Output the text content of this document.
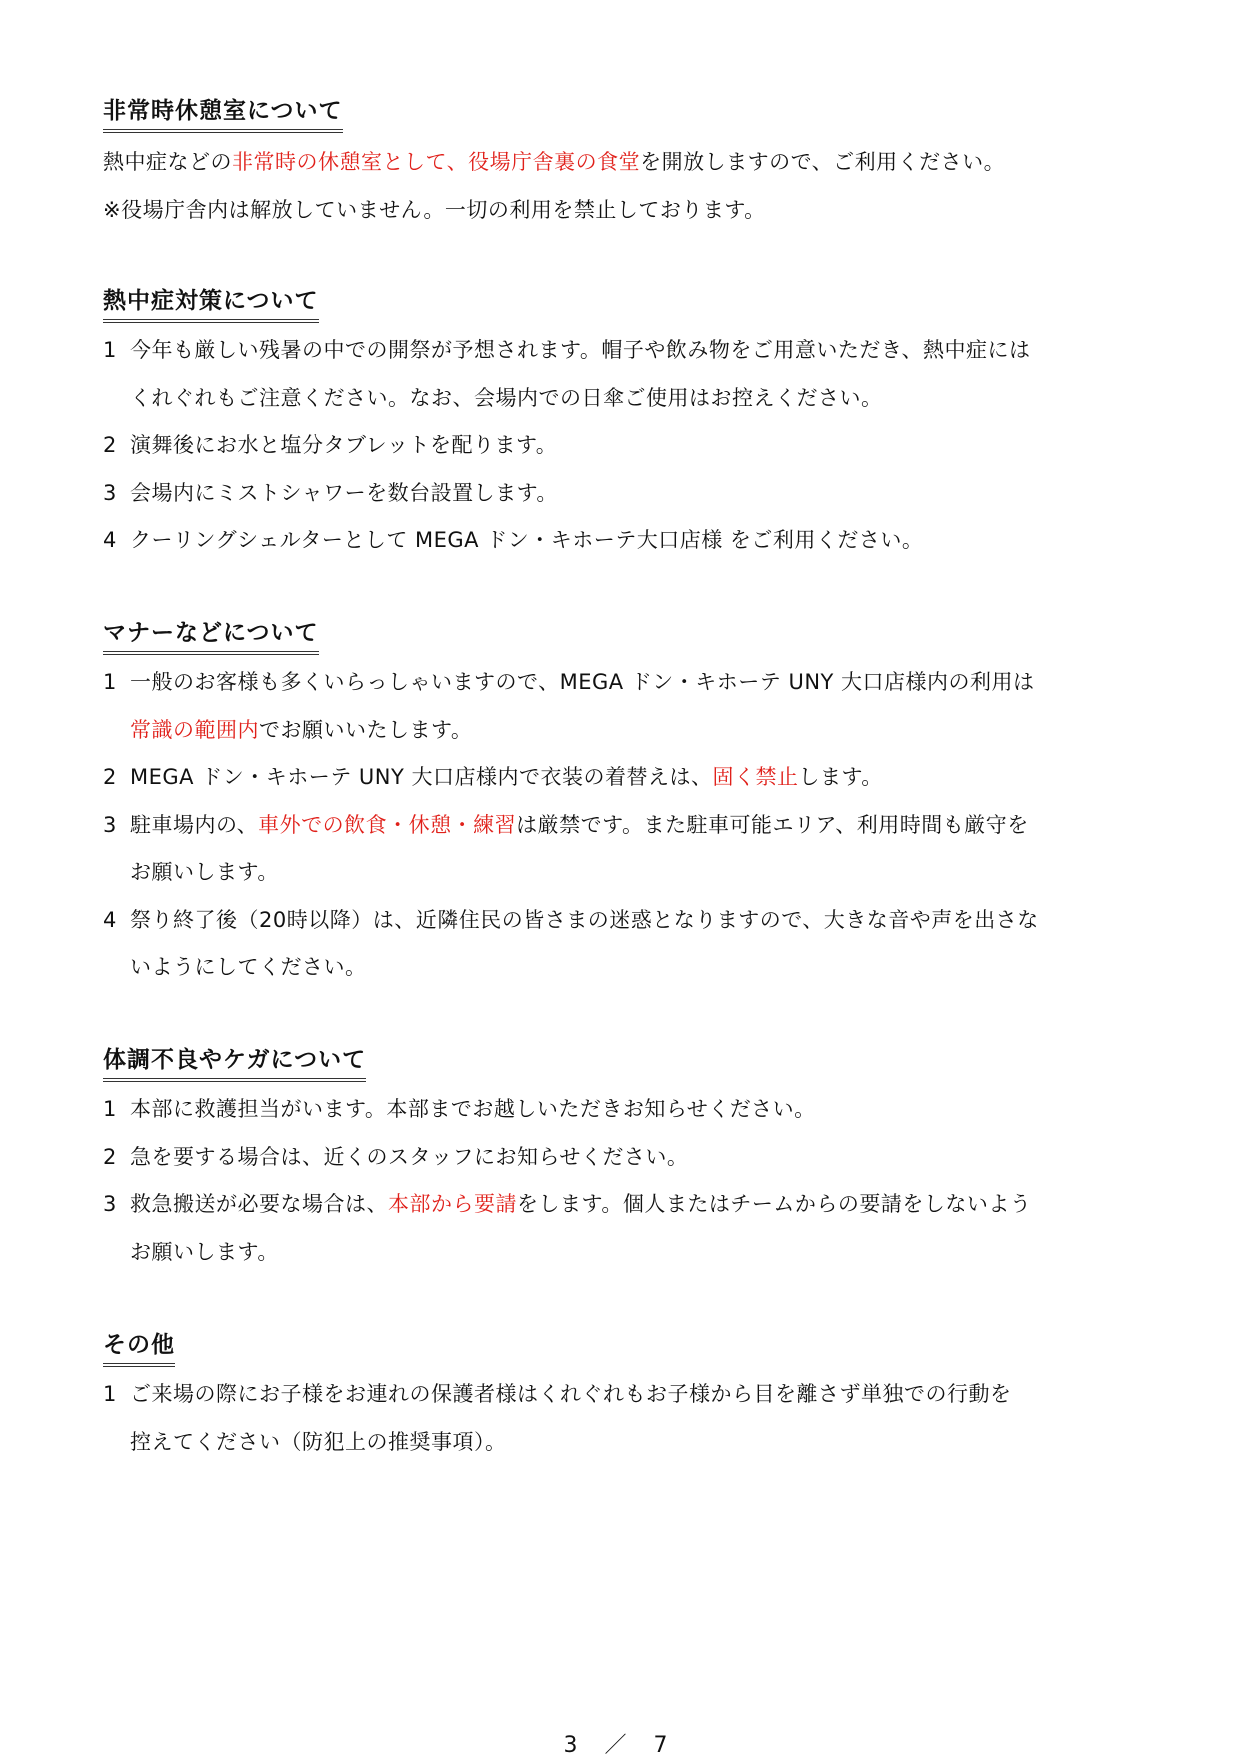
非常時休憩室について
熱中症などの非常時の休憩室として、役場庁舎裏の食堂を開放しますので、ご利用ください。
※役場庁舎内は解放していません。一切の利用を禁止しております。
熱中症対策について
1 今年も厳しい残暑の中での開祭が予想されます。帽子や飲み物をご用意いただき、熱中症には
くれぐれもご注意ください。なお、会場内での日傘ご使用はお控えください。
2 演舞後にお水と塩分タブレットを配ります。
3 会場内にミストシャワーを数台設置します。
4 クーリングシェルターとして MEGA ドン・キホーテ大口店様 をご利用ください。
マナーなどについて
1 一般のお客様も多くいらっしゃいますので、MEGA ドン・キホーテ UNY 大口店様内の利用は
常識の範囲内でお願いいたします。
2 MEGA ドン・キホーテ UNY 大口店様内で衣装の着替えは、固く禁止します。
3 駐車場内の、車外での飲食・休憩・練習は厳禁です。また駐車可能エリア、利用時間も厳守を
お願いします。
4 祭り終了後（20時以降）は、近隣住民の皆さまの迷惑となりますので、大きな音や声を出さな
いようにしてください。
体調不良やケガについて
1 本部に救護担当がいます。本部までお越しいただきお知らせください。
2 急を要する場合は、近くのスタッフにお知らせください。
3 救急搬送が必要な場合は、本部から要請をします。個人またはチームからの要請をしないよう
お願いします。
その他
1 ご来場の際にお子様をお連れの保護者様はくれぐれもお子様から目を離さず単独での行動を
控えてください（防犯上の推奨事項）。
3 ／ 7
